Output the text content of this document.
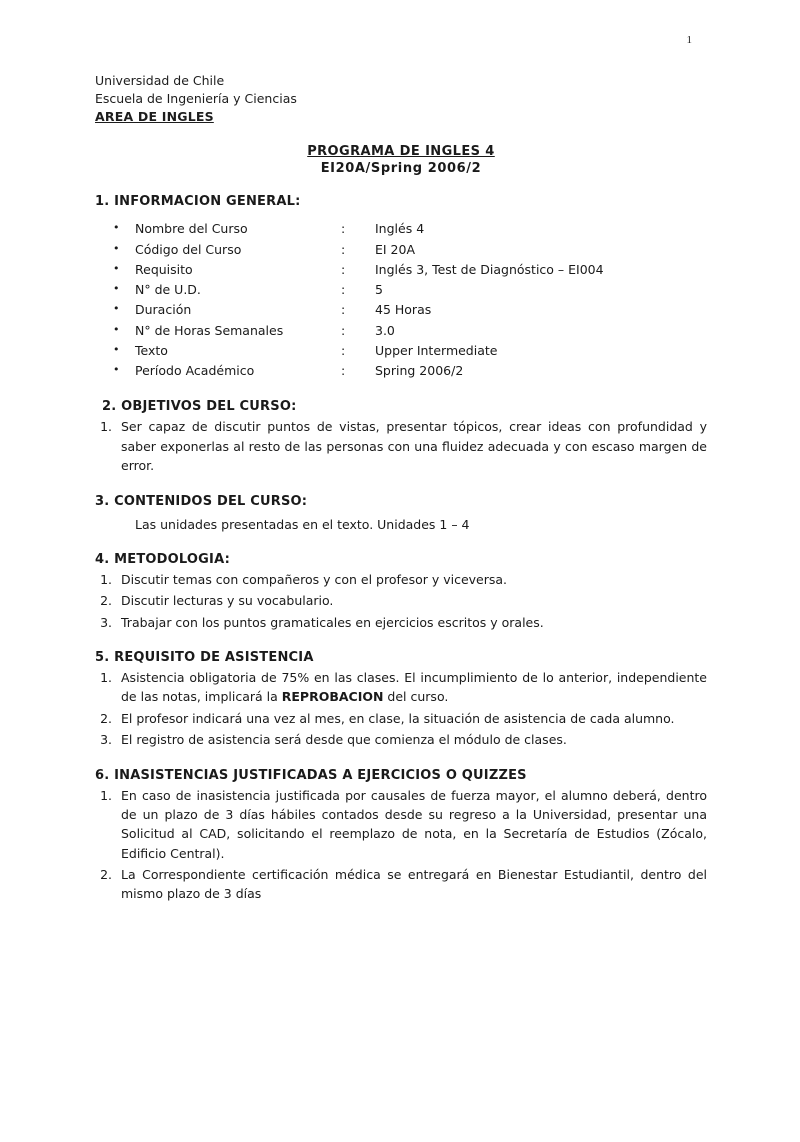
1
Universidad de Chile
Escuela de Ingeniería y Ciencias
AREA DE INGLES
PROGRAMA DE INGLES 4
EI20A/Spring 2006/2
1. INFORMACION GENERAL:
•	Nombre del Curso	:	Inglés 4
•	Código del Curso	:	EI 20A
•	Requisito	:	Inglés 3, Test de Diagnóstico – EI004
•	N° de U.D.	:	5
•	Duración	:	45 Horas
•	N° de Horas Semanales	:	3.0
•	Texto	:	Upper Intermediate
•	Período Académico	:	Spring 2006/2
2. OBJETIVOS DEL CURSO:
1. Ser capaz de discutir puntos de vistas, presentar tópicos, crear ideas con profundidad y saber exponerlas al resto de las personas con una fluidez adecuada y con escaso margen de error.
3. CONTENIDOS DEL CURSO:
Las unidades presentadas en el texto. Unidades 1 – 4
4. METODOLOGIA:
1. Discutir temas con compañeros y con el profesor y viceversa.
2. Discutir lecturas y su vocabulario.
3. Trabajar con los puntos gramaticales en ejercicios escritos y orales.
5. REQUISITO DE ASISTENCIA
1. Asistencia obligatoria de 75% en las clases. El incumplimiento de lo anterior, independiente de las notas, implicará la REPROBACION del curso.
2. El profesor indicará una vez al mes, en clase, la situación de asistencia de cada alumno.
3. El registro de asistencia será desde que comienza el módulo de clases.
6. INASISTENCIAS JUSTIFICADAS A EJERCICIOS O QUIZZES
1. En caso de inasistencia justificada por causales de fuerza mayor, el alumno deberá, dentro de un plazo de 3 días hábiles contados desde su regreso a la Universidad, presentar una Solicitud al CAD, solicitando el reemplazo de nota, en la Secretaría de Estudios (Zócalo, Edificio Central).
2. La Correspondiente certificación médica se entregará en Bienestar Estudiantil, dentro del mismo plazo de 3 días
